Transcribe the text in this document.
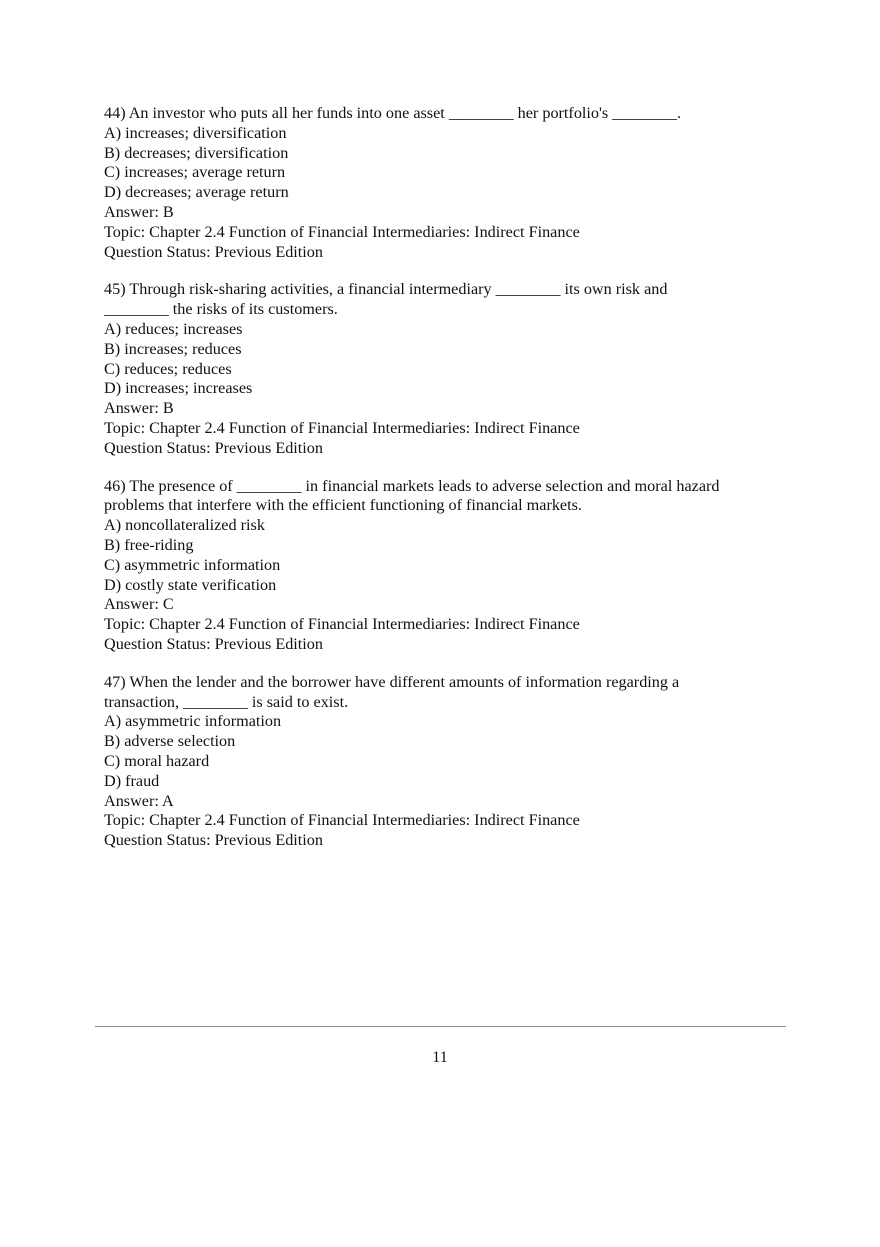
44) An investor who puts all her funds into one asset ________ her portfolio's ________.
A) increases; diversification
B) decreases; diversification
C) increases; average return
D) decreases; average return
Answer: B
Topic: Chapter 2.4 Function of Financial Intermediaries: Indirect Finance
Question Status: Previous Edition
45) Through risk-sharing activities, a financial intermediary ________ its own risk and
________ the risks of its customers.
A) reduces; increases
B) increases; reduces
C) reduces; reduces
D) increases; increases
Answer: B
Topic: Chapter 2.4 Function of Financial Intermediaries: Indirect Finance
Question Status: Previous Edition
46) The presence of ________ in financial markets leads to adverse selection and moral hazard
problems that interfere with the efficient functioning of financial markets.
A) noncollateralized risk
B) free-riding
C) asymmetric information
D) costly state verification
Answer: C
Topic: Chapter 2.4 Function of Financial Intermediaries: Indirect Finance
Question Status: Previous Edition
47) When the lender and the borrower have different amounts of information regarding a
transaction, ________ is said to exist.
A) asymmetric information
B) adverse selection
C) moral hazard
D) fraud
Answer: A
Topic: Chapter 2.4 Function of Financial Intermediaries: Indirect Finance
Question Status: Previous Edition
11
